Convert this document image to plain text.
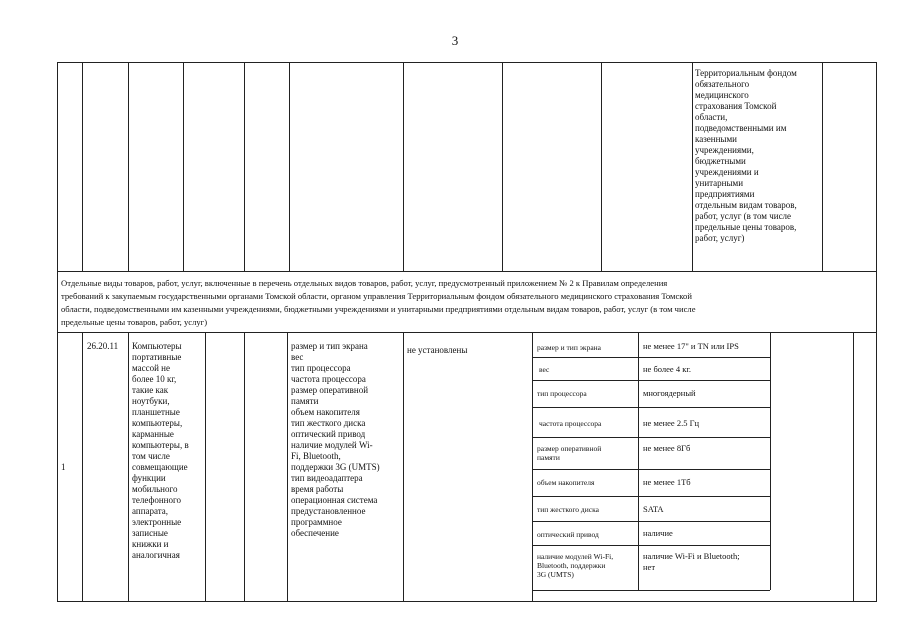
3
Территориальным фондом
обязательного
медицинского
страхования Томской
области,
подведомственными им
казенными
учреждениями,
бюджетными
учреждениями и
унитарными
предприятиями
отдельным видам товаров,
работ, услуг (в том числе
предельные цены товаров,
работ, услуг)
Отдельные виды товаров, работ, услуг, включенные в перечень отдельных видов товаров, работ, услуг, предусмотренный приложением № 2 к Правилам определения
требований к закупаемым государственными органами Томской области, органом управления Территориальным фондом обязательного медицинского страхования Томской
области, подведомственными им казенными учреждениями, бюджетными учреждениями и унитарными предприятиями отдельным видам товаров, работ, услуг (в том числе
предельные цены товаров, работ, услуг)
1
26.20.11 Компьютеры
портативные
массой не
более 10 кг,
такие как
ноутбуки,
планшетные
компьютеры,
карманные
компьютеры, в
том числе
совмещающие
функции
мобильного
телефонного
аппарата,
электронные
записные
книжки и
аналогичная
размер и тип экрана
вес
тип процессора
частота процессора
размер оперативной
памяти
объем накопителя
тип жесткого диска
оптический привод
наличие модулей Wi-
Fi, Bluetooth,
поддержки 3G (UMTS)
тип видеоадаптера
время работы
операционная система
предустановленное
программное
обеспечение
не установлены	размер и тип экрана
вес
тип процессора
частота процессора
размер оперативной
памяти
объем накопителя
тип жесткого диска
оптический привод
наличие модулей Wi-Fi,
Bluetooth, поддержки
3G (UMTS)
не менее 17" и TN или IPS
не более 4 кг.
многоядерный
не менее 2.5 Гц
не менее 8Гб
не менее 1Тб
SATA
наличие
наличие Wi-Fi и Bluetooth;
нет
